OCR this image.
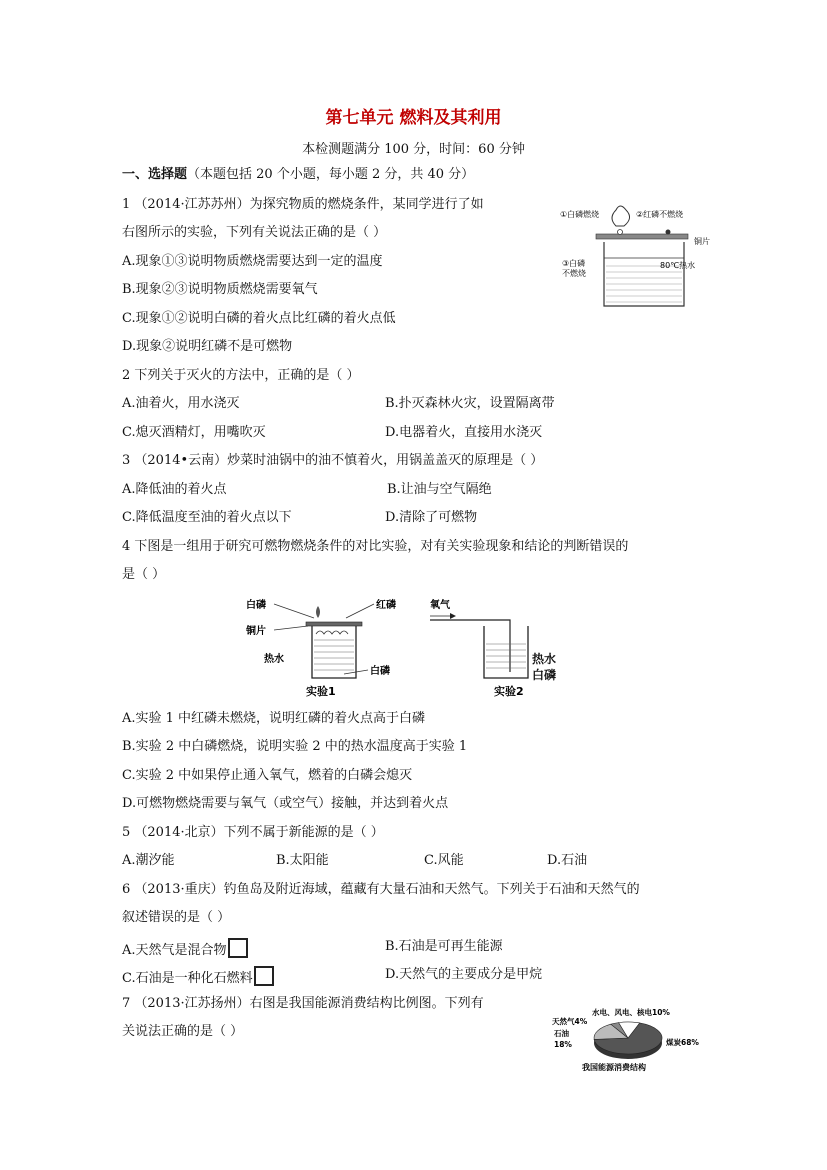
第七单元 燃料及其利用
本检测题满分 100 分，时间：60 分钟
一、选择题（本题包括 20 个小题，每小题 2 分，共 40 分）
1 （2014·江苏苏州）为探究物质的燃烧条件，某同学进行了如
右图所示的实验，下列有关说法正确的是（ ）
A.现象①③说明物质燃烧需要达到一定的温度
B.现象②③说明物质燃烧需要氧气
C.现象①②说明白磷的着火点比红磷的着火点低
D.现象②说明红磷不是可燃物
①白磷燃烧	②红磷不燃烧
铜片
③白磷
不燃烧
80℃热水
2 下列关于灭火的方法中，正确的是（ ）
A.油着火，用水浇灭	B.扑灭森林火灾，设置隔离带
C.熄灭酒精灯，用嘴吹灭	D.电器着火，直接用水浇灭
3 （2014•云南）炒菜时油锅中的油不慎着火，用锅盖盖灭的原理是（ ）
A.降低油的着火点	B.让油与空气隔绝
C.降低温度至油的着火点以下	D.清除了可燃物
4 下图是一组用于研究可燃物燃烧条件的对比实验，对有关实验现象和结论的判断错误的
是（ ）
白磷	红磷
铜片
热水
白磷
实验1
氧气
实验2
热水
白磷
A.实验 1 中红磷未燃烧，说明红磷的着火点高于白磷
B.实验 2 中白磷燃烧，说明实验 2 中的热水温度高于实验 1
C.实验 2 中如果停止通入氧气，燃着的白磷会熄灭
D.可燃物燃烧需要与氧气（或空气）接触，并达到着火点
5 （2014·北京）下列不属于新能源的是（ ）
A.潮汐能	B.太阳能	C.风能	D.石油
6 （2013·重庆）钓鱼岛及附近海域，蕴藏有大量石油和天然气。下列关于石油和天然气的
叙述错误的是（ ）
A.天然气是混合物	B.石油是可再生能源
C.石油是一种化石燃料	D.天然气的主要成分是甲烷
7 （2013·江苏扬州）右图是我国能源消费结构比例图。下列有
关说法正确的是（ ）
天然气4%
水电、风电、核电10%
石油
18%	煤炭68%
我国能源消费结构
